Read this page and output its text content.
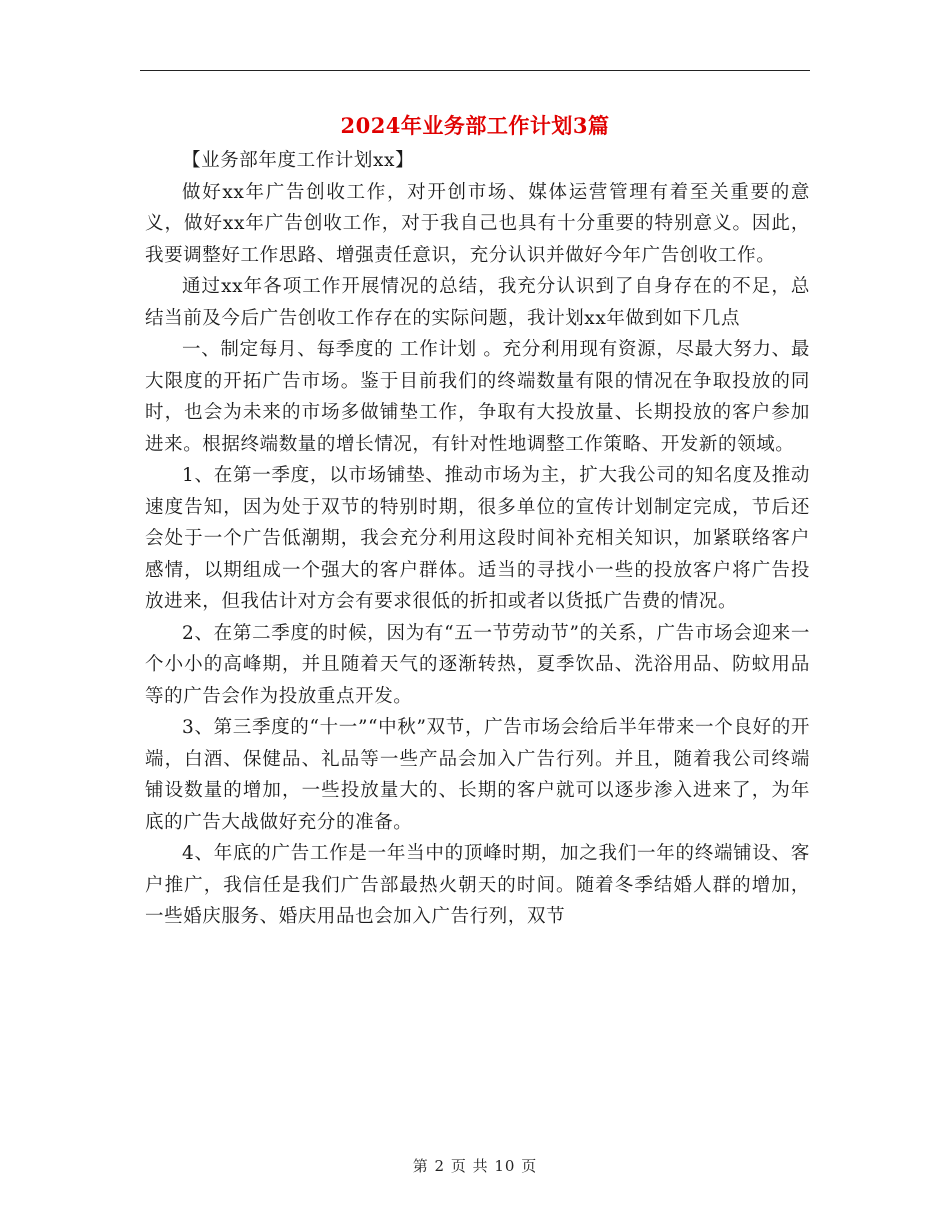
2024年业务部工作计划3篇

【业务部年度工作计划xx】

做好xx年广告创收工作，对开创市场、媒体运营管理有着至关重要的意义，做好xx年广告创收工作，对于我自己也具有十分重要的特别意义。因此，我要调整好工作思路、增强责任意识，充分认识并做好今年广告创收工作。

通过xx年各项工作开展情况的总结，我充分认识到了自身存在的不足，总结当前及今后广告创收工作存在的实际问题，我计划xx年做到如下几点

一、制定每月、每季度的 工作计划 。充分利用现有资源，尽最大努力、最大限度的开拓广告市场。鉴于目前我们的终端数量有限的情况在争取投放的同时，也会为未来的市场多做铺垫工作，争取有大投放量、长期投放的客户参加进来。根据终端数量的增长情况，有针对性地调整工作策略、开发新的领域。

1、在第一季度，以市场铺垫、推动市场为主，扩大我公司的知名度及推动速度告知，因为处于双节的特别时期，很多单位的宣传计划制定完成，节后还会处于一个广告低潮期，我会充分利用这段时间补充相关知识，加紧联络客户感情，以期组成一个强大的客户群体。适当的寻找小一些的投放客户将广告投放进来，但我估计对方会有要求很低的折扣或者以货抵广告费的情况。

2、在第二季度的时候，因为有“五一节劳动节”的关系，广告市场会迎来一个小小的高峰期，并且随着天气的逐渐转热，夏季饮品、洗浴用品、防蚊用品等的广告会作为投放重点开发。

3、第三季度的“十一”“中秋”双节，广告市场会给后半年带来一个良好的开端，白酒、保健品、礼品等一些产品会加入广告行列。并且，随着我公司终端铺设数量的增加，一些投放量大的、长期的客户就可以逐步渗入进来了，为年底的广告大战做好充分的准备。

4、年底的广告工作是一年当中的顶峰时期，加之我们一年的终端铺设、客户推广，我信任是我们广告部最热火朝天的时间。随着冬季结婚人群的增加，一些婚庆服务、婚庆用品也会加入广告行列，双节

第 2 页 共 10 页
